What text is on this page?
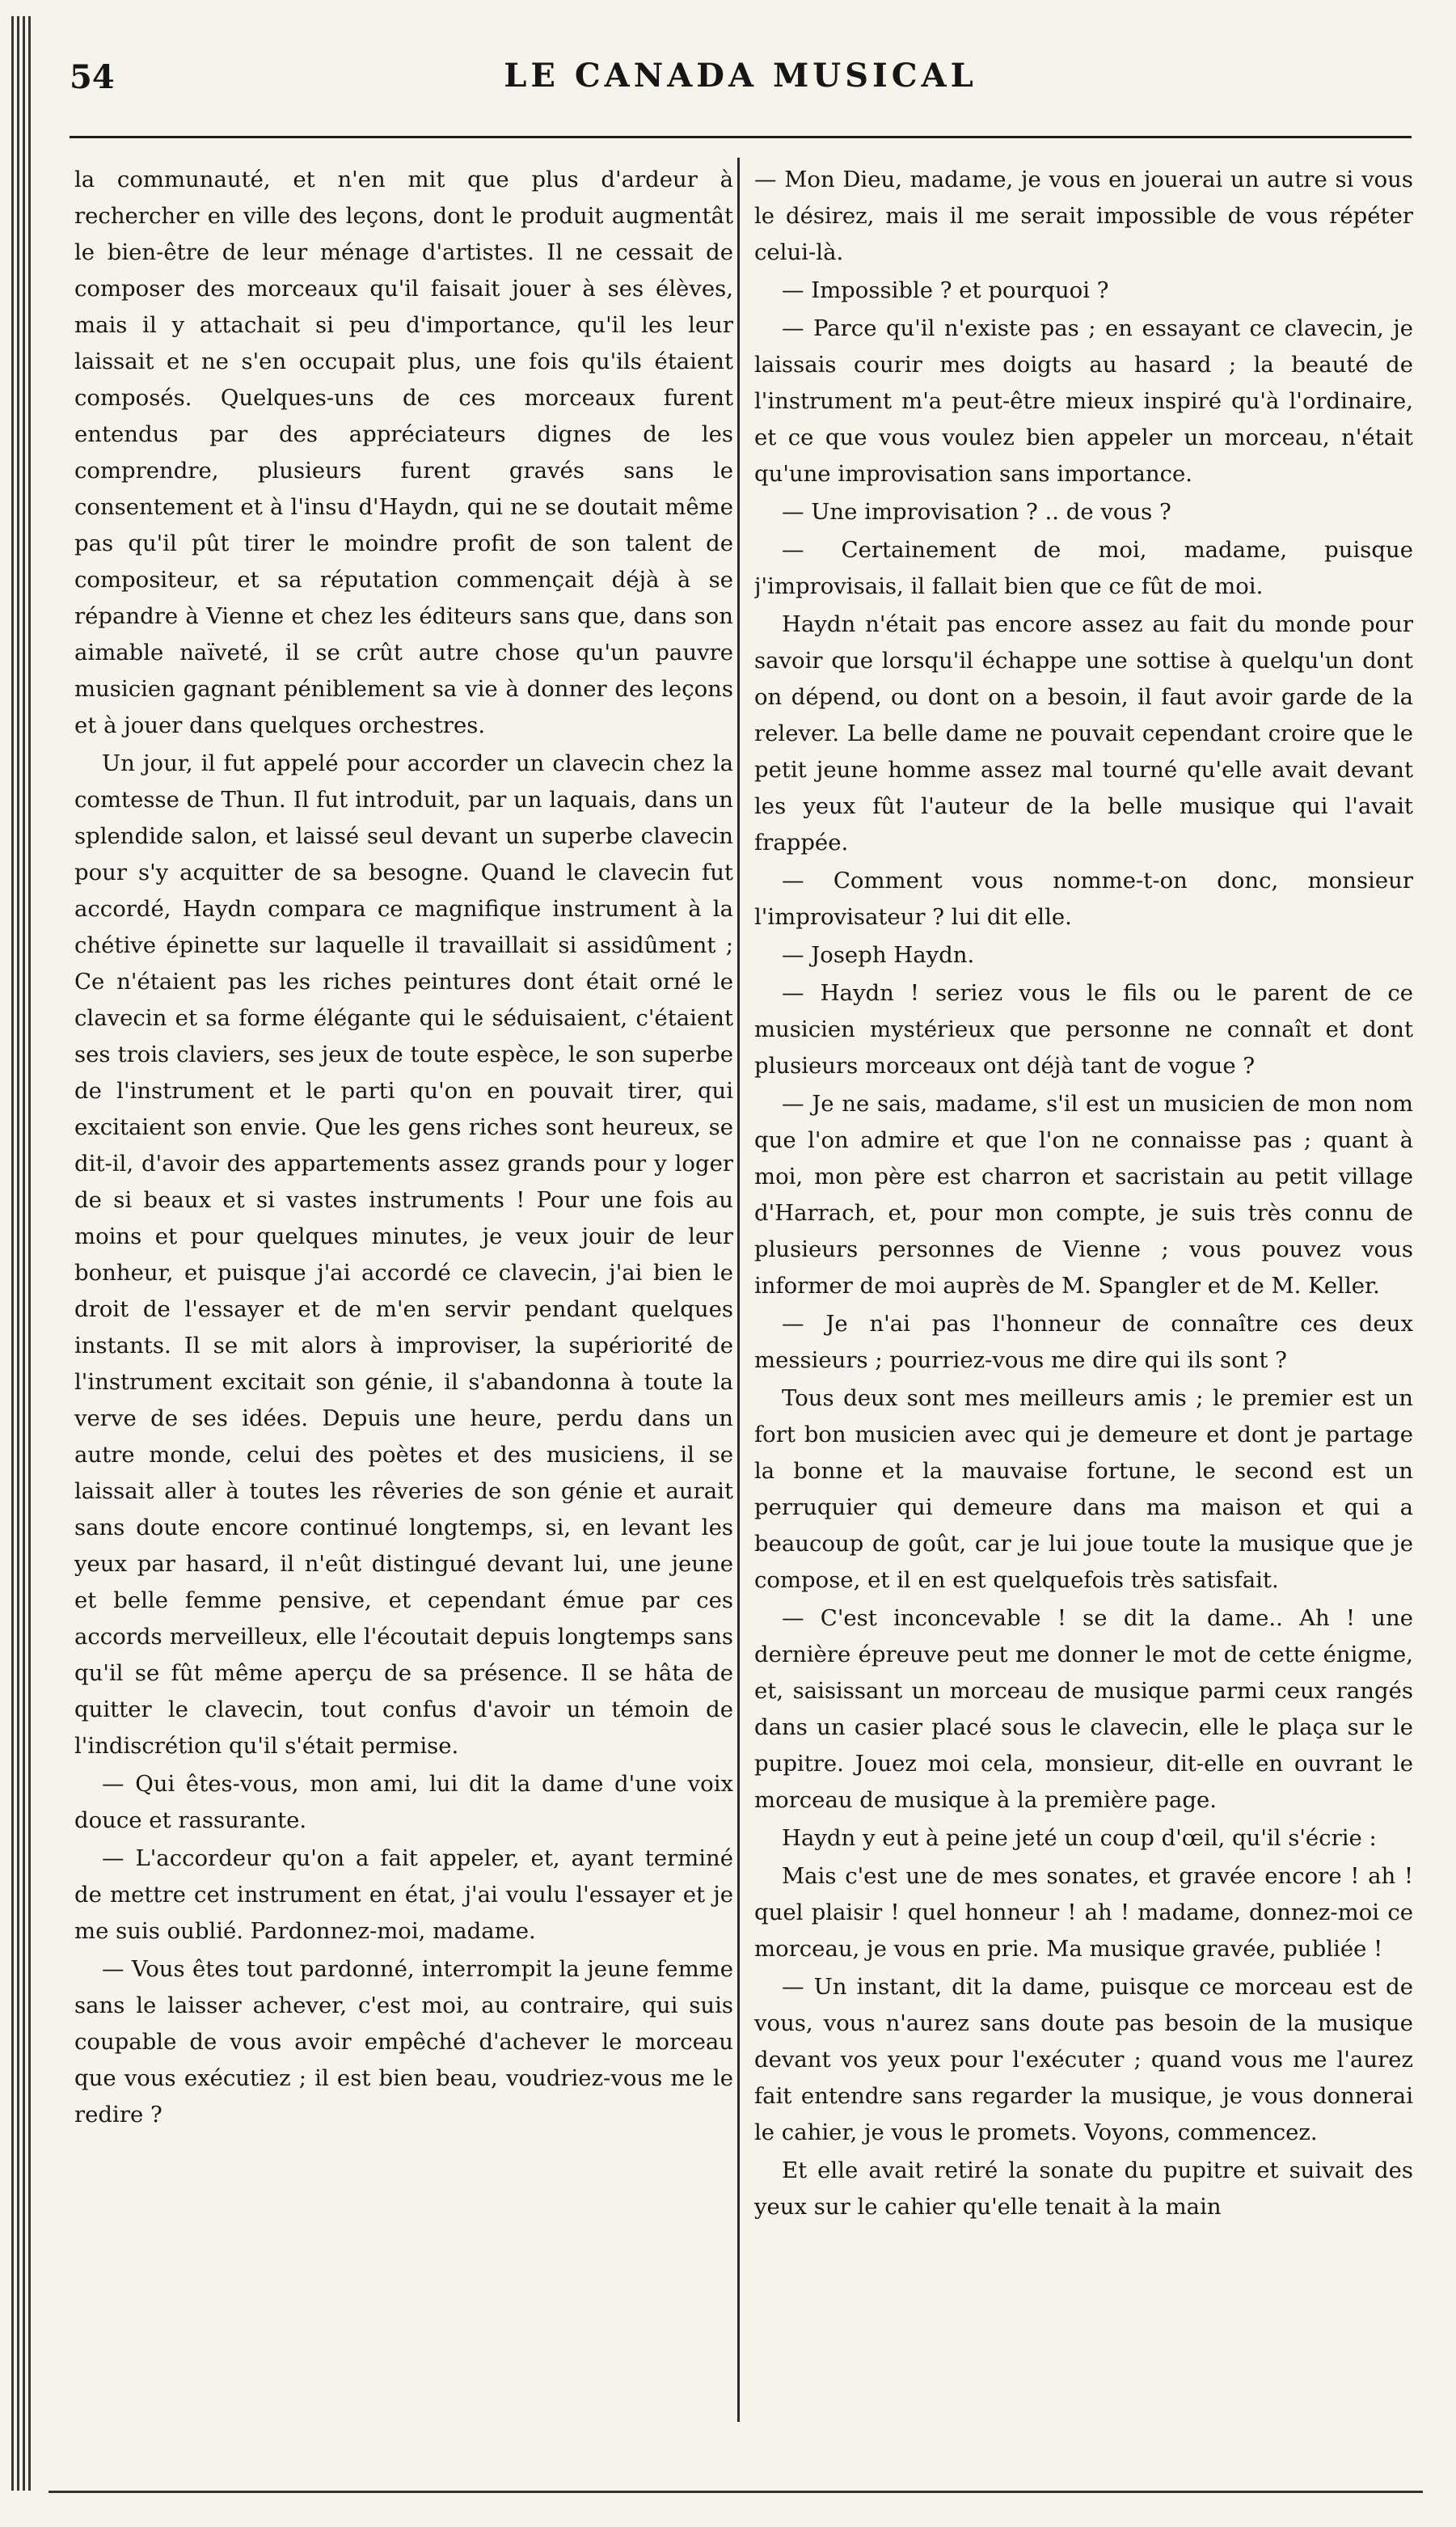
54	LE CANADA MUSICAL

la communauté, et n'en mit que plus d'ardeur à rechercher en ville des leçons, dont le produit augmentât le bien-être de leur ménage d'artistes. Il ne cessait de composer des morceaux qu'il faisait jouer à ses élèves, mais il y attachait si peu d'importance, qu'il les leur laissait et ne s'en occupait plus, une fois qu'ils étaient composés. Quelques-uns de ces morceaux furent entendus par des appréciateurs dignes de les comprendre, plusieurs furent gravés sans le consentement et à l'insu d'Haydn, qui ne se doutait même pas qu'il pût tirer le moindre profit de son talent de compositeur, et sa réputation commençait déjà à se répandre à Vienne et chez les éditeurs sans que, dans son aimable naïveté, il se crût autre chose qu'un pauvre musicien gagnant péniblement sa vie à donner des leçons et à jouer dans quelques orchestres.

Un jour, il fut appelé pour accorder un clavecin chez la comtesse de Thun. Il fut introduit, par un laquais, dans un splendide salon, et laissé seul devant un superbe clavecin pour s'y acquitter de sa besogne. Quand le clavecin fut accordé, Haydn compara ce magnifique instrument à la chétive épinette sur laquelle il travaillait si assidûment ; Ce n'étaient pas les riches peintures dont était orné le clavecin et sa forme élégante qui le séduisaient, c'étaient ses trois claviers, ses jeux de toute espèce, le son superbe de l'instrument et le parti qu'on en pouvait tirer, qui excitaient son envie. Que les gens riches sont heureux, se dit-il, d'avoir des appartements assez grands pour y loger de si beaux et si vastes instruments ! Pour une fois au moins et pour quelques minutes, je veux jouir de leur bonheur, et puisque j'ai accordé ce clavecin, j'ai bien le droit de l'essayer et de m'en servir pendant quelques instants. Il se mit alors à improviser, la supériorité de l'instrument excitait son génie, il s'abandonna à toute la verve de ses idées. Depuis une heure, perdu dans un autre monde, celui des poètes et des musiciens, il se laissait aller à toutes les rêveries de son génie et aurait sans doute encore continué longtemps, si, en levant les yeux par hasard, il n'eût distingué devant lui, une jeune et belle femme pensive, et cependant émue par ces accords merveilleux, elle l'écoutait depuis longtemps sans qu'il se fût même aperçu de sa présence. Il se hâta de quitter le clavecin, tout confus d'avoir un témoin de l'indiscrétion qu'il s'était permise.

— Qui êtes-vous, mon ami, lui dit la dame d'une voix douce et rassurante.

— L'accordeur qu'on a fait appeler, et, ayant terminé de mettre cet instrument en état, j'ai voulu l'essayer et je me suis oublié. Pardonnez-moi, madame.

— Vous êtes tout pardonné, interrompit la jeune femme sans le laisser achever, c'est moi, au contraire, qui suis coupable de vous avoir empêché d'achever le morceau que vous exécutiez ; il est bien beau, voudriez-vous me le redire ?

— Mon Dieu, madame, je vous en jouerai un autre si vous le désirez, mais il me serait impossible de vous répéter celui-là.

— Impossible ? et pourquoi ?

— Parce qu'il n'existe pas ; en essayant ce clavecin, je laissais courir mes doigts au hasard ; la beauté de l'instrument m'a peut-être mieux inspiré qu'à l'ordinaire, et ce que vous voulez bien appeler un morceau, n'était qu'une improvisation sans importance.

— Une improvisation ? .. de vous ?

— Certainement de moi, madame, puisque j'improvisais, il fallait bien que ce fût de moi.

Haydn n'était pas encore assez au fait du monde pour savoir que lorsqu'il échappe une sottise à quelqu'un dont on dépend, ou dont on a besoin, il faut avoir garde de la relever. La belle dame ne pouvait cependant croire que le petit jeune homme assez mal tourné qu'elle avait devant les yeux fût l'auteur de la belle musique qui l'avait frappée.

— Comment vous nomme-t-on donc, monsieur l'improvisateur ? lui dit elle.

— Joseph Haydn.

— Haydn ! seriez vous le fils ou le parent de ce musicien mystérieux que personne ne connaît et dont plusieurs morceaux ont déjà tant de vogue ?

— Je ne sais, madame, s'il est un musicien de mon nom que l'on admire et que l'on ne connaisse pas ; quant à moi, mon père est charron et sacristain au petit village d'Harrach, et, pour mon compte, je suis très connu de plusieurs personnes de Vienne ; vous pouvez vous informer de moi auprès de M. Spangler et de M. Keller.

— Je n'ai pas l'honneur de connaître ces deux messieurs ; pourriez-vous me dire qui ils sont ?

Tous deux sont mes meilleurs amis ; le premier est un fort bon musicien avec qui je demeure et dont je partage la bonne et la mauvaise fortune, le second est un perruquier qui demeure dans ma maison et qui a beaucoup de goût, car je lui joue toute la musique que je compose, et il en est quelquefois très satisfait.

— C'est inconcevable ! se dit la dame.. Ah ! une dernière épreuve peut me donner le mot de cette énigme, et, saisissant un morceau de musique parmi ceux rangés dans un casier placé sous le clavecin, elle le plaça sur le pupitre. Jouez moi cela, monsieur, dit-elle en ouvrant le morceau de musique à la première page.

Haydn y eut à peine jeté un coup d'œil, qu'il s'écrie :

Mais c'est une de mes sonates, et gravée encore ! ah ! quel plaisir ! quel honneur ! ah ! madame, donnez-moi ce morceau, je vous en prie. Ma musique gravée, publiée !

— Un instant, dit la dame, puisque ce morceau est de vous, vous n'aurez sans doute pas besoin de la musique devant vos yeux pour l'exécuter ; quand vous me l'aurez fait entendre sans regarder la musique, je vous donnerai le cahier, je vous le promets. Voyons, commencez.

Et elle avait retiré la sonate du pupitre et suivait des yeux sur le cahier qu'elle tenait à la main
